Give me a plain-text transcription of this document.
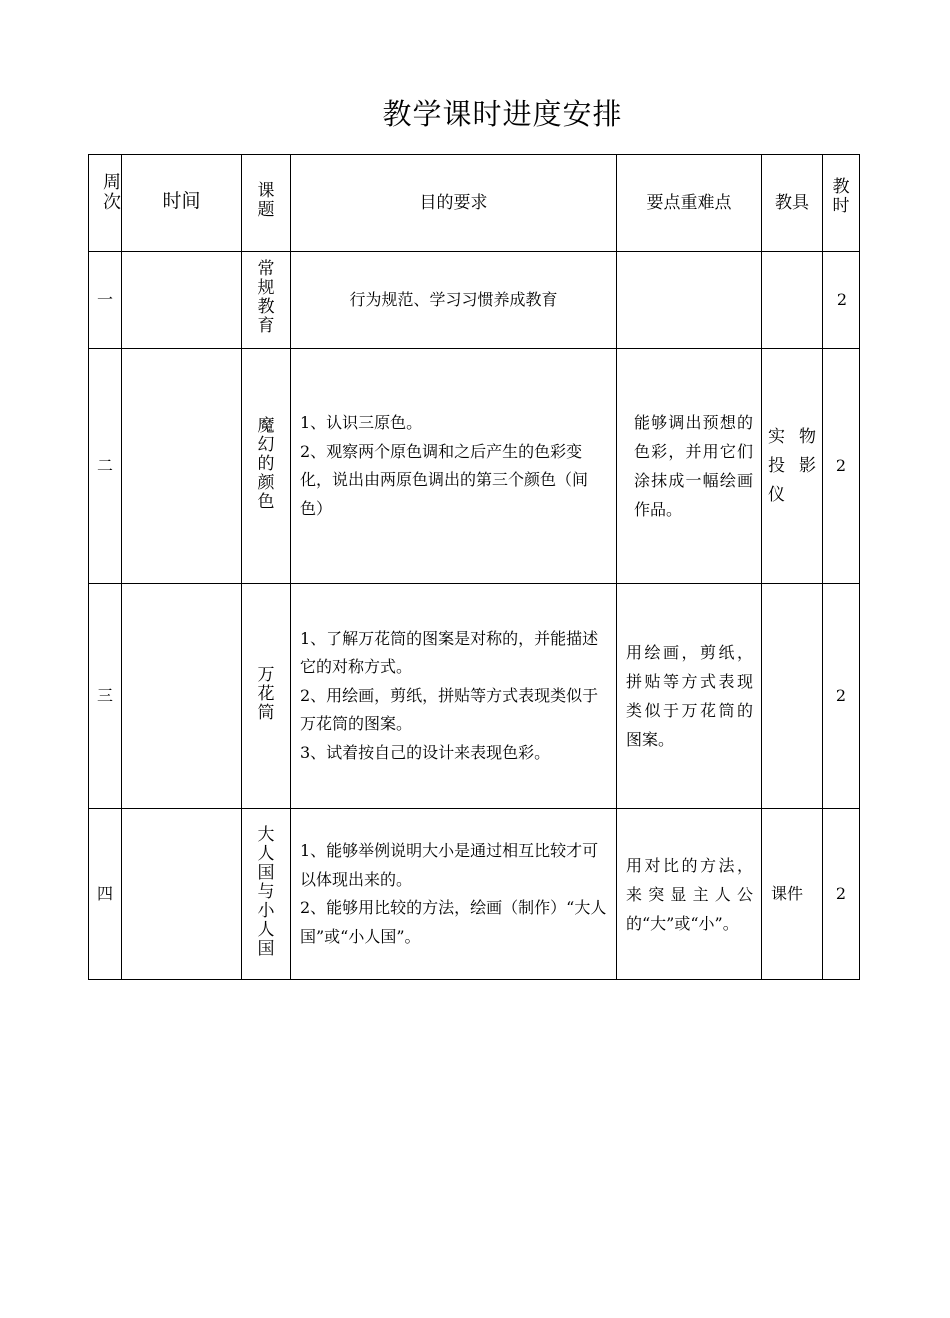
教学课时进度安排
周次	时间	课题	目的要求	要点重难点	教具	教时
一		常规教育	行为规范、学习习惯养成教育			2
二		魔幻的颜色	1、认识三原色。
2、观察两个原色调和之后产生的色彩变化，说出由两原色调出的第三个颜色（间色）	能够调出预想的色彩，并用它们涂抹成一幅绘画作品。	实物投影仪	2
三		万花筒	1、了解万花筒的图案是对称的，并能描述它的对称方式。
2、用绘画，剪纸，拼贴等方式表现类似于万花筒的图案。
3、试着按自己的设计来表现色彩。	用绘画，剪纸，拼贴等方式表现类似于万花筒的图案。		2
四		大人国与小人国	1、能够举例说明大小是通过相互比较才可以体现出来的。
2、能够用比较的方法，绘画（制作）“大人国”或“小人国”。	用对比的方法，来突显主人公的“大”或“小”。	课件	2
